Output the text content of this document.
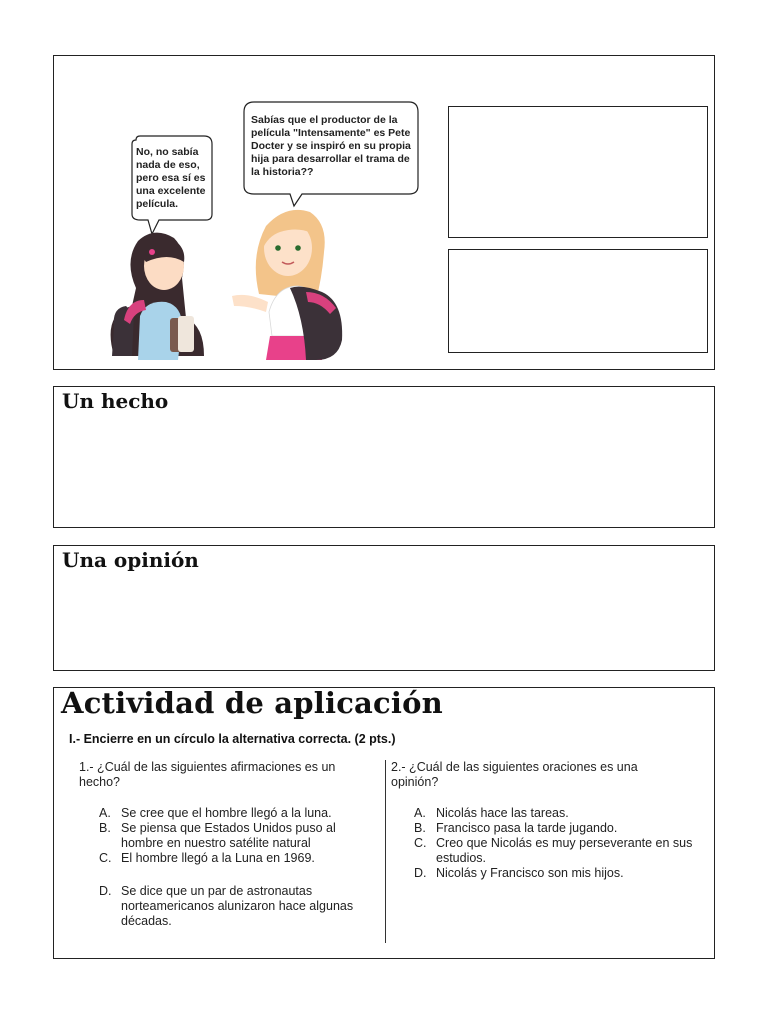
No, no sabía
nada de eso,
pero esa sí es
una excelente
película.
Sabías que el productor de la
película "Intensamente" es Pete
Docter y se inspiró en su propia
hija para desarrollar el trama de
la historia??
Un hecho
Una opinión
Actividad de aplicación
I.- Encierre en un círculo la alternativa correcta. (2 pts.)

1.- ¿Cuál de las siguientes afirmaciones es un hecho?

A. Se cree que el hombre llegó a la luna.
B. Se piensa que Estados Unidos puso al hombre en nuestro satélite natural
C. El hombre llegó a la Luna en 1969.
D. Se dice que un par de astronautas norteamericanos alunizaron hace algunas décadas.

2.- ¿Cuál de las siguientes oraciones es una opinión?

A. Nicolás hace las tareas.
B. Francisco pasa la tarde jugando.
C. Creo que Nicolás es muy perseverante en sus estudios.
D. Nicolás y Francisco son mis hijos.
